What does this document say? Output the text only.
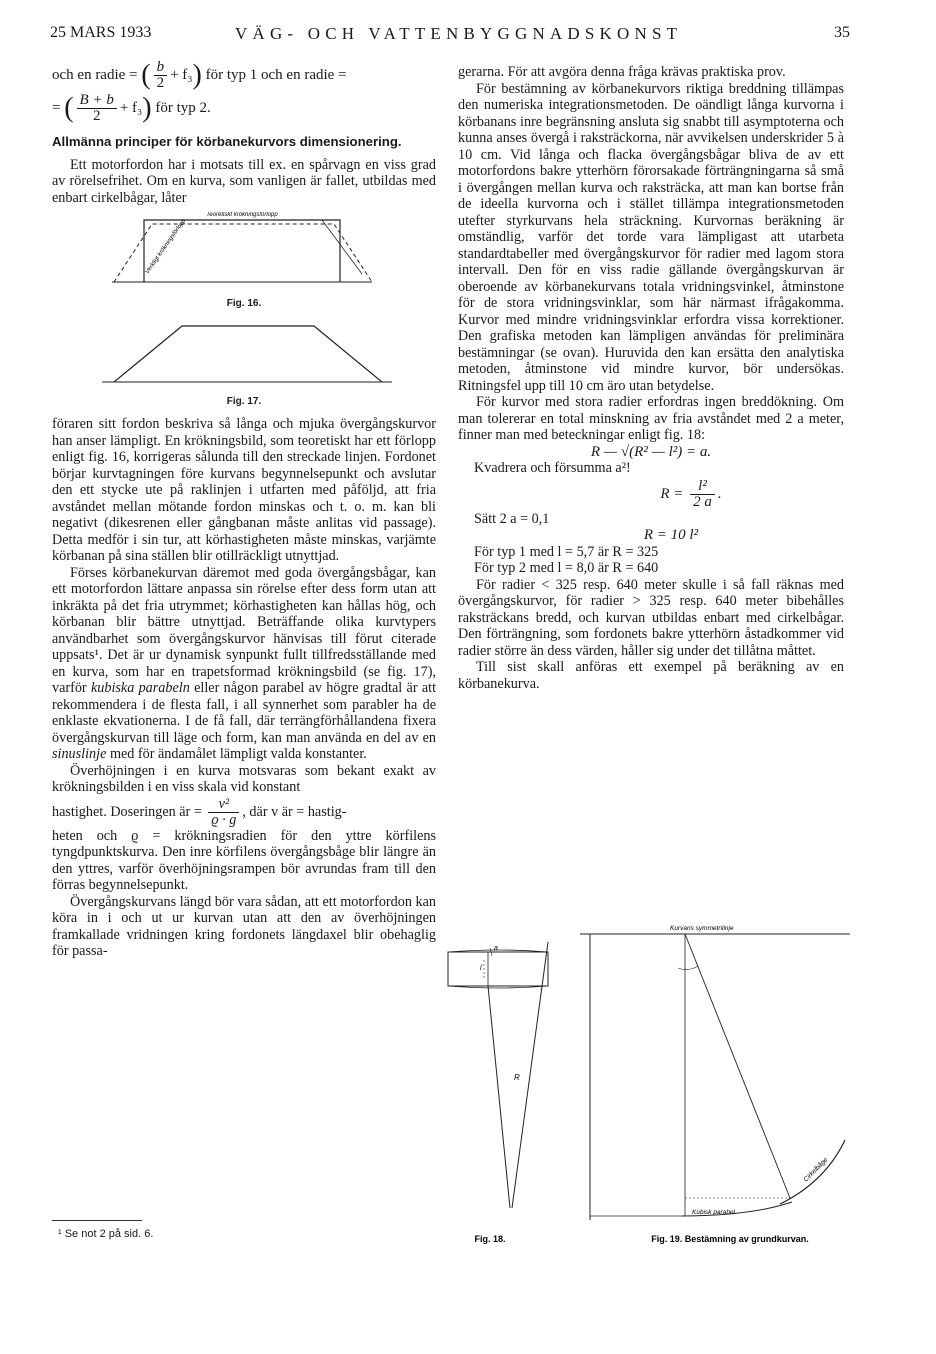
25 MARS 1933	VÄG- OCH VATTENBYGGNADSKONST	35
och en radie = ( $\frac{b}{2} + f_3$) för typ 1 och en radie =
= ( $\frac{B + b}{2} + f_3$) för typ 2.

Allmänna principer för körbanekurvors dimensionering.

Ett motorfordon har i motsats till ex. en spårvagn en viss grad av rörelsefrihet. Om en kurva, som vanligen är fallet, utbildas med enbart cirkelbågar, låter

Teoretiskt krökningsförlopp
Verkligt krökningsförlopp
Fig. 16.
Fig. 17.

föraren sitt fordon beskriva så långa och mjuka övergångskurvor han anser lämpligt. En krökningsbild, som teoretiskt har ett förlopp enligt fig. 16, korrigeras sålunda till den streckade linjen. Fordonet börjar kurvtagningen före kurvans begynnelsepunkt och avslutar den ett stycke ute på raklinjen i utfarten med påföljd, att fria avståndet mellan mötande fordon minskas och t. o. m. kan bli negativt (dikesrenen eller gångbanan måste anlitas vid passage). Detta medför i sin tur, att körhastigheten måste minskas, varjämte körbanan på sina ställen blir otillräckligt utnyttjad.

Förses körbanekurvan däremot med goda övergångsbågar, kan ett motorfordon lättare anpassa sin rörelse efter dess form utan att inkräkta på det fria utrymmet; körhastigheten kan hållas hög, och körbanan blir bättre utnyttjad. Beträffande olika kurvtypers användbarhet som övergångskurvor hänvisas till förut citerade uppsats¹. Det är ur dynamisk synpunkt fullt tillfredsställande med en kurva, som har en trapetsformad krökningsbild (se fig. 17), varför kubiska parabeln eller någon parabel av högre gradtal är att rekommendera i de flesta fall, i all synnerhet som parabler ha de enklaste ekvationerna. I de få fall, där terrängförhållandena fixera övergångskurvan till läge och form, kan man använda en del av en sinuslinje med för ändamålet lämpligt valda konstanter.

Överhöjningen i en kurva motsvaras som bekant exakt av krökningsbilden i en viss skala vid konstant

hastighet. Doseringen är = $\frac{\text{v²}}{ϱ \cdot g}$ , där v är = hastig-

heten och ϱ = krökningsradien för den yttre körfilens tyngdpunktskurva. Den inre körfilens övergångsbåge blir längre än den yttres, varför överhöjningsrampen bör avrundas fram till den förras begynnelsepunkt.

Övergångskurvans längd bör vara sådan, att ett motorfordon kan köra in i och ut ur kurvan utan att den av överhöjningen framkallade vridningen kring fordonets längdaxel blir obehaglig för passa-

¹ Se not 2 på sid. 6.

gerarna. För att avgöra denna fråga krävas praktiska prov.

För bestämning av körbanekurvors riktiga breddning tillämpas den numeriska integrationsmetoden. De oändligt långa kurvorna i körbanans inre begränsning ansluta sig snabbt till asymptoterna och kunna anses övergå i raksträckorna, när avvikelsen underskrider 5 à 10 cm. Vid långa och flacka övergångsbågar bliva de av ett motorfordons bakre ytterhörn förorsakade förträngningarna så små i övergången mellan kurva och raksträcka, att man kan bortse från de ideella kurvorna och i stället tillämpa integrationsmetoden utefter styrkurvans hela sträckning. Kurvornas beräkning är omständlig, varför det torde vara lämpligast att utarbeta standardtabeller med övergångskurvor för radier med lagom stora intervall. Den för en viss radie gällande övergångskurvan är oberoende av körbanekurvans totala vridningsvinkel, åtminstone för de stora vridningsvinklar, som här närmast ifrågakomma. Kurvor med mindre vridningsvinklar erfordra vissa korrektioner. Den grafiska metoden kan lämpligen användas för preliminära bestämningar (se ovan). Huruvida den kan ersätta den analytiska metoden, åtminstone vid mindre kurvor, bör undersökas. Ritningsfel upp till 10 cm äro utan betydelse.

För kurvor med stora radier erfordras ingen breddökning. Om man tolererar en total minskning av fria avståndet med 2 a meter, finner man med beteckningar enligt fig. 18:

R — √(R² — l²) = a.
Kvadrera och försumma a²!
$R = \frac{\text{l²}}{2 a}$ .
Sätt 2 a = 0,1
R = 10 l²
För typ 1 med l = 5,7 är R = 325
För typ 2 med l = 8,0 är R = 640

För radier < 325 resp. 640 meter skulle i så fall räknas med övergångskurvor, för radier > 325 resp. 640 meter bibehålles raksträckans bredd, och kurvan utbildas enbart med cirkelbågar. Den förträngning, som fordonets bakre ytterhörn åstadkommer vid radier större än dess värden, håller sig under det tillåtna måttet.

Till sist skall anföras ett exempel på beräkning av en körbanekurva.

a
l
R
Fig. 18.
Kurvans symmetrilinje
Kubisk parabel
Cirkelbåge
Fig. 19. Bestämning av grundkurvan.
